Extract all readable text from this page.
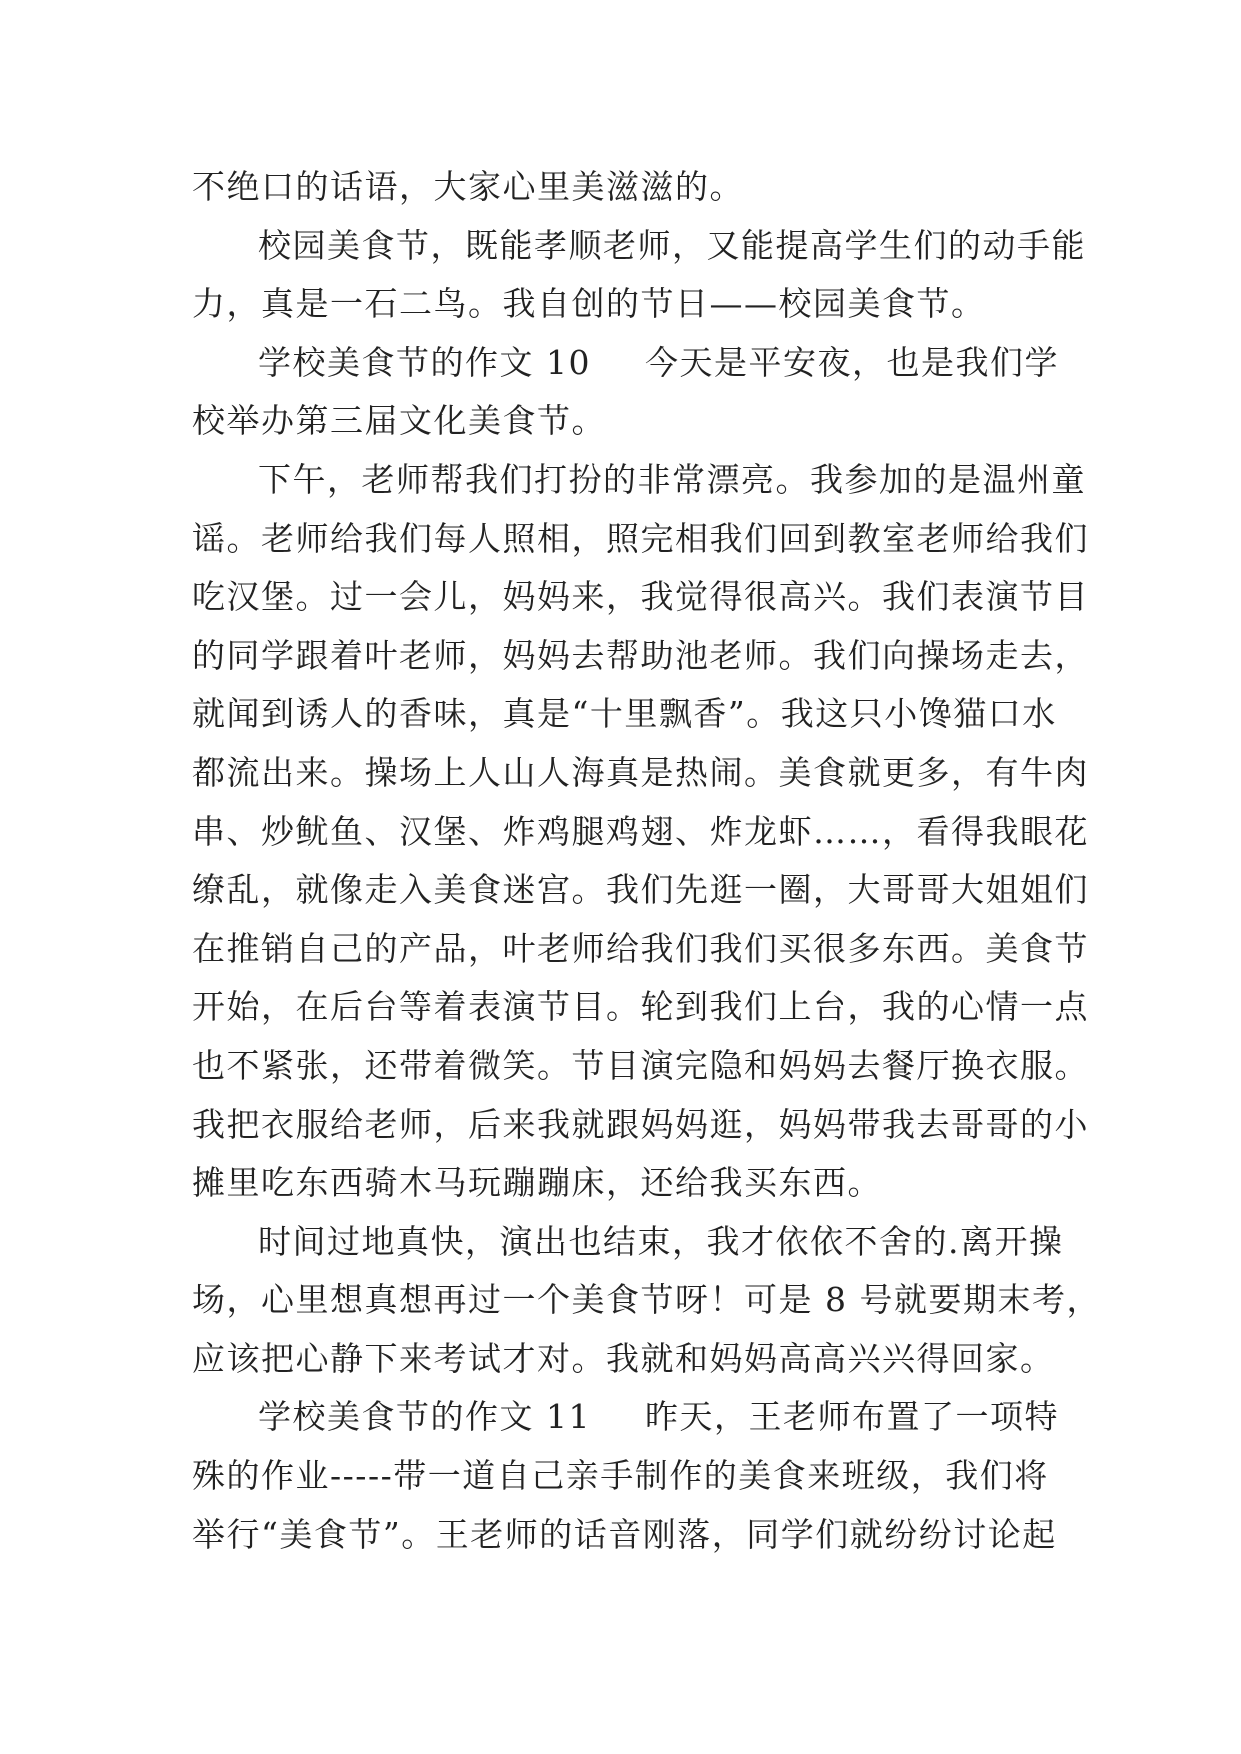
不绝口的话语，大家心里美滋滋的。
校园美食节，既能孝顺老师，又能提高学生们的动手能
力，真是一石二鸟。我自创的节日——校园美食节。
学校美食节的作文 10 今天是平安夜，也是我们学
校举办第三届文化美食节。
下午，老师帮我们打扮的非常漂亮。我参加的是温州童
谣。老师给我们每人照相，照完相我们回到教室老师给我们
吃汉堡。过一会儿，妈妈来，我觉得很高兴。我们表演节目
的同学跟着叶老师，妈妈去帮助池老师。我们向操场走去，
就闻到诱人的香味，真是“十里飘香”。我这只小馋猫口水
都流出来。操场上人山人海真是热闹。美食就更多，有牛肉
串、炒鱿鱼、汉堡、炸鸡腿鸡翅、炸龙虾……，看得我眼花
缭乱，就像走入美食迷宫。我们先逛一圈，大哥哥大姐姐们
在推销自己的产品，叶老师给我们我们买很多东西。美食节
开始，在后台等着表演节目。轮到我们上台，我的心情一点
也不紧张，还带着微笑。节目演完隐和妈妈去餐厅换衣服。
我把衣服给老师，后来我就跟妈妈逛，妈妈带我去哥哥的小
摊里吃东西骑木马玩蹦蹦床，还给我买东西。
时间过地真快，演出也结束，我才依依不舍的.离开操
场，心里想真想再过一个美食节呀！可是 8 号就要期末考，
应该把心静下来考试才对。我就和妈妈高高兴兴得回家。
学校美食节的作文 11 昨天，王老师布置了一项特
殊的作业-----带一道自己亲手制作的美食来班级，我们将
举行“美食节”。王老师的话音刚落，同学们就纷纷讨论起
